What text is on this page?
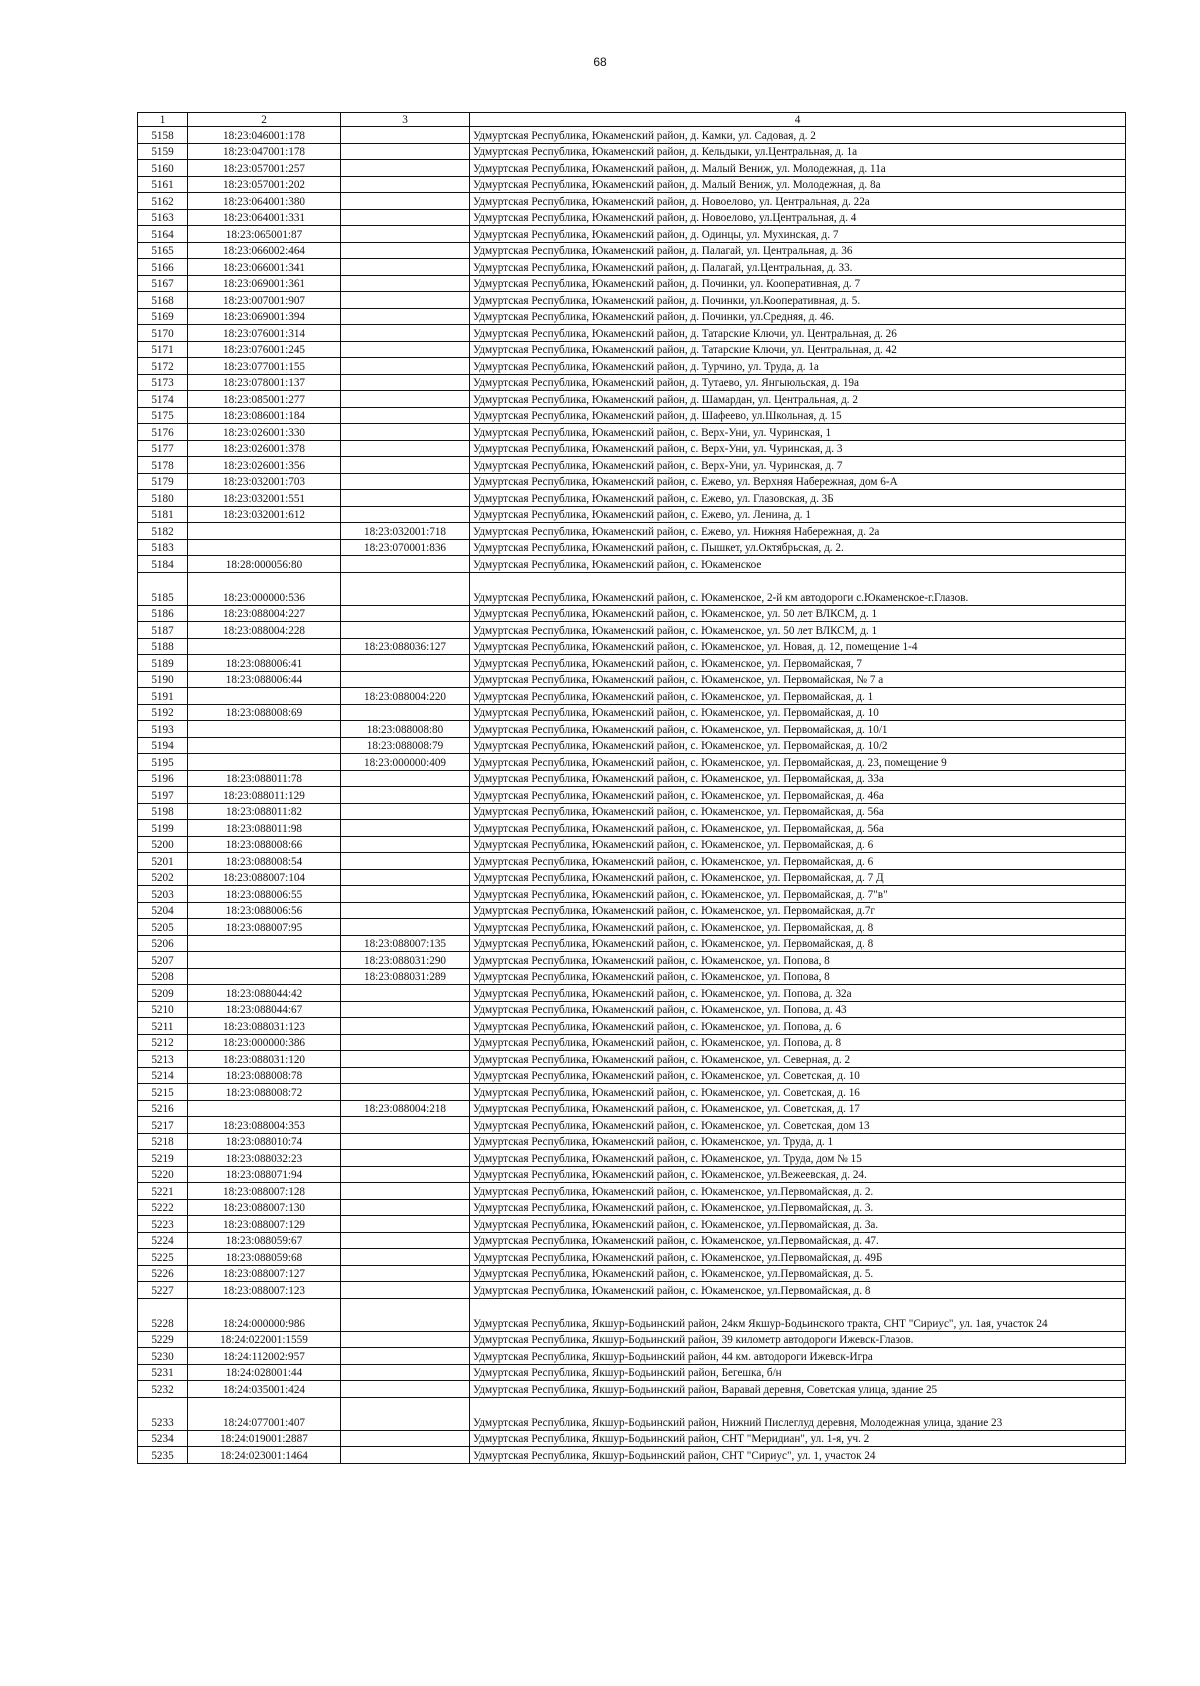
68
1	2	3	4
5158	18:23:046001:178		Удмуртская Республика, Юкаменский район, д. Камки, ул. Садовая, д. 2
5159	18:23:047001:178		Удмуртская Республика, Юкаменский район, д. Кельдыки, ул.Центральная, д. 1а
5160	18:23:057001:257		Удмуртская Республика, Юкаменский район, д. Малый Вениж, ул. Молодежная, д. 11а
5161	18:23:057001:202		Удмуртская Республика, Юкаменский район, д. Малый Вениж, ул. Молодежная, д. 8а
5162	18:23:064001:380		Удмуртская Республика, Юкаменский район, д. Новоелово, ул. Центральная, д. 22а
5163	18:23:064001:331		Удмуртская Республика, Юкаменский район, д. Новоелово, ул.Центральная, д. 4
5164	18:23:065001:87		Удмуртская Республика, Юкаменский район, д. Одинцы, ул. Мухинская, д. 7
5165	18:23:066002:464		Удмуртская Республика, Юкаменский район, д. Палагай, ул. Центральная, д. 36
5166	18:23:066001:341		Удмуртская Республика, Юкаменский район, д. Палагай, ул.Центральная, д. 33.
5167	18:23:069001:361		Удмуртская Республика, Юкаменский район, д. Починки, ул. Кооперативная, д. 7
5168	18:23:007001:907		Удмуртская Республика, Юкаменский район, д. Починки, ул.Кооперативная, д. 5.
5169	18:23:069001:394		Удмуртская Республика, Юкаменский район, д. Починки, ул.Средняя, д. 46.
5170	18:23:076001:314		Удмуртская Республика, Юкаменский район, д. Татарские Ключи, ул. Центральная, д. 26
5171	18:23:076001:245		Удмуртская Республика, Юкаменский район, д. Татарские Ключи, ул. Центральная, д. 42
5172	18:23:077001:155		Удмуртская Республика, Юкаменский район, д. Турчино, ул. Труда, д. 1а
5173	18:23:078001:137		Удмуртская Республика, Юкаменский район, д. Тутаево, ул. Янгыюльская, д. 19а
5174	18:23:085001:277		Удмуртская Республика, Юкаменский район, д. Шамардан, ул. Центральная, д. 2
5175	18:23:086001:184		Удмуртская Республика, Юкаменский район, д. Шафеево, ул.Школьная, д. 15
5176	18:23:026001:330		Удмуртская Республика, Юкаменский район, с. Верх-Уни, ул. Чуринская, 1
5177	18:23:026001:378		Удмуртская Республика, Юкаменский район, с. Верх-Уни, ул. Чуринская, д. 3
5178	18:23:026001:356		Удмуртская Республика, Юкаменский район, с. Верх-Уни, ул. Чуринская, д. 7
5179	18:23:032001:703		Удмуртская Республика, Юкаменский район, с. Ежево, ул. Верхняя Набережная, дом 6-А
5180	18:23:032001:551		Удмуртская Республика, Юкаменский район, с. Ежево, ул. Глазовская, д. 3Б
5181	18:23:032001:612		Удмуртская Республика, Юкаменский район, с. Ежево, ул. Ленина, д. 1
5182		18:23:032001:718	Удмуртская Республика, Юкаменский район, с. Ежево, ул. Нижняя Набережная, д. 2а
5183		18:23:070001:836	Удмуртская Республика, Юкаменский район, с. Пышкет, ул.Октябрьская, д. 2.
5184	18:28:000056:80		Удмуртская Республика, Юкаменский район, с. Юкаменское
5185	18:23:000000:536		Удмуртская Республика, Юкаменский район, с. Юкаменское, 2-й км автодороги с.Юкаменское-г.Глазов.
5186	18:23:088004:227		Удмуртская Республика, Юкаменский район, с. Юкаменское, ул. 50 лет ВЛКСМ, д. 1
5187	18:23:088004:228		Удмуртская Республика, Юкаменский район, с. Юкаменское, ул. 50 лет ВЛКСМ, д. 1
5188		18:23:088036:127	Удмуртская Республика, Юкаменский район, с. Юкаменское, ул. Новая, д. 12, помещение 1-4
5189	18:23:088006:41		Удмуртская Республика, Юкаменский район, с. Юкаменское, ул. Первомайская, 7
5190	18:23:088006:44		Удмуртская Республика, Юкаменский район, с. Юкаменское, ул. Первомайская, № 7 а
5191		18:23:088004:220	Удмуртская Республика, Юкаменский район, с. Юкаменское, ул. Первомайская, д. 1
5192	18:23:088008:69		Удмуртская Республика, Юкаменский район, с. Юкаменское, ул. Первомайская, д. 10
5193		18:23:088008:80	Удмуртская Республика, Юкаменский район, с. Юкаменское, ул. Первомайская, д. 10/1
5194		18:23:088008:79	Удмуртская Республика, Юкаменский район, с. Юкаменское, ул. Первомайская, д. 10/2
5195		18:23:000000:409	Удмуртская Республика, Юкаменский район, с. Юкаменское, ул. Первомайская, д. 23, помещение 9
5196	18:23:088011:78		Удмуртская Республика, Юкаменский район, с. Юкаменское, ул. Первомайская, д. 33а
5197	18:23:088011:129		Удмуртская Республика, Юкаменский район, с. Юкаменское, ул. Первомайская, д. 46а
5198	18:23:088011:82		Удмуртская Республика, Юкаменский район, с. Юкаменское, ул. Первомайская, д. 56а
5199	18:23:088011:98		Удмуртская Республика, Юкаменский район, с. Юкаменское, ул. Первомайская, д. 56а
5200	18:23:088008:66		Удмуртская Республика, Юкаменский район, с. Юкаменское, ул. Первомайская, д. 6
5201	18:23:088008:54		Удмуртская Республика, Юкаменский район, с. Юкаменское, ул. Первомайская, д. 6
5202	18:23:088007:104		Удмуртская Республика, Юкаменский район, с. Юкаменское, ул. Первомайская, д. 7 Д
5203	18:23:088006:55		Удмуртская Республика, Юкаменский район, с. Юкаменское, ул. Первомайская, д. 7"в"
5204	18:23:088006:56		Удмуртская Республика, Юкаменский район, с. Юкаменское, ул. Первомайская, д.7г
5205	18:23:088007:95		Удмуртская Республика, Юкаменский район, с. Юкаменское, ул. Первомайская, д. 8
5206		18:23:088007:135	Удмуртская Республика, Юкаменский район, с. Юкаменское, ул. Первомайская, д. 8
5207		18:23:088031:290	Удмуртская Республика, Юкаменский район, с. Юкаменское, ул. Попова, 8
5208		18:23:088031:289	Удмуртская Республика, Юкаменский район, с. Юкаменское, ул. Попова, 8
5209	18:23:088044:42		Удмуртская Республика, Юкаменский район, с. Юкаменское, ул. Попова, д. 32а
5210	18:23:088044:67		Удмуртская Республика, Юкаменский район, с. Юкаменское, ул. Попова, д. 43
5211	18:23:088031:123		Удмуртская Республика, Юкаменский район, с. Юкаменское, ул. Попова, д. 6
5212	18:23:000000:386		Удмуртская Республика, Юкаменский район, с. Юкаменское, ул. Попова, д. 8
5213	18:23:088031:120		Удмуртская Республика, Юкаменский район, с. Юкаменское, ул. Северная, д. 2
5214	18:23:088008:78		Удмуртская Республика, Юкаменский район, с. Юкаменское, ул. Советская, д. 10
5215	18:23:088008:72		Удмуртская Республика, Юкаменский район, с. Юкаменское, ул. Советская, д. 16
5216		18:23:088004:218	Удмуртская Республика, Юкаменский район, с. Юкаменское, ул. Советская, д. 17
5217	18:23:088004:353		Удмуртская Республика, Юкаменский район, с. Юкаменское, ул. Советская, дом 13
5218	18:23:088010:74		Удмуртская Республика, Юкаменский район, с. Юкаменское, ул. Труда, д. 1
5219	18:23:088032:23		Удмуртская Республика, Юкаменский район, с. Юкаменское, ул. Труда, дом № 15
5220	18:23:088071:94		Удмуртская Республика, Юкаменский район, с. Юкаменское, ул.Вежеевская, д. 24.
5221	18:23:088007:128		Удмуртская Республика, Юкаменский район, с. Юкаменское, ул.Первомайская, д. 2.
5222	18:23:088007:130		Удмуртская Республика, Юкаменский район, с. Юкаменское, ул.Первомайская, д. 3.
5223	18:23:088007:129		Удмуртская Республика, Юкаменский район, с. Юкаменское, ул.Первомайская, д. 3а.
5224	18:23:088059:67		Удмуртская Республика, Юкаменский район, с. Юкаменское, ул.Первомайская, д. 47.
5225	18:23:088059:68		Удмуртская Республика, Юкаменский район, с. Юкаменское, ул.Первомайская, д. 49Б
5226	18:23:088007:127		Удмуртская Республика, Юкаменский район, с. Юкаменское, ул.Первомайская, д. 5.
5227	18:23:088007:123		Удмуртская Республика, Юкаменский район, с. Юкаменское, ул.Первомайская, д. 8
5228	18:24:000000:986		Удмуртская Республика, Якшур-Бодьинский район, 24км Якшур-Бодьинского тракта, СНТ "Сириус", ул. 1ая, участок 24
5229	18:24:022001:1559		Удмуртская Республика, Якшур-Бодьинский район, 39 километр автодороги Ижевск-Глазов.
5230	18:24:112002:957		Удмуртская Республика, Якшур-Бодьинский район, 44 км. автодороги Ижевск-Игра
5231	18:24:028001:44		Удмуртская Республика, Якшур-Бодьинский район, Бегешка, б/н
5232	18:24:035001:424		Удмуртская Республика, Якшур-Бодьинский район, Варавай деревня, Советская улица, здание 25
5233	18:24:077001:407		Удмуртская Республика, Якшур-Бодьинский район, Нижний Пислеглуд деревня, Молодежная улица, здание 23
5234	18:24:019001:2887		Удмуртская Республика, Якшур-Бодьинский район, СНТ "Меридиан", ул. 1-я, уч. 2
5235	18:24:023001:1464		Удмуртская Республика, Якшур-Бодьинский район, СНТ "Сириус", ул. 1, участок 24
